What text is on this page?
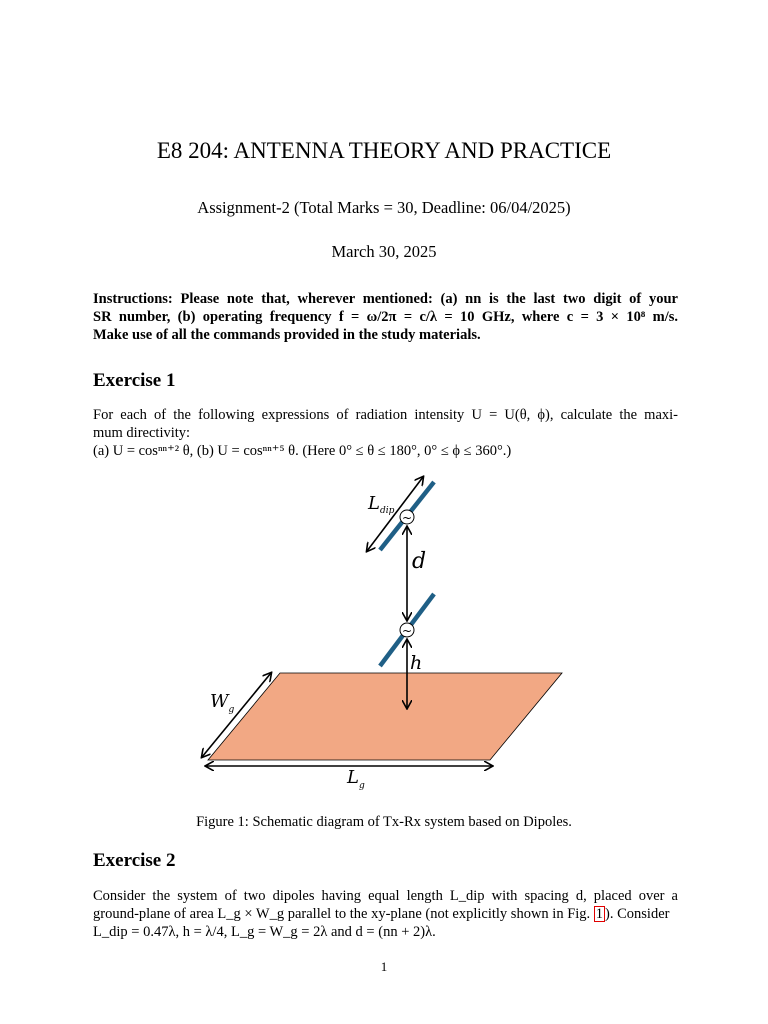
E8 204: ANTENNA THEORY AND PRACTICE
Assignment-2 (Total Marks = 30, Deadline: 06/04/2025)
March 30, 2025
Instructions: Please note that, wherever mentioned: (a) nn is the last two digit of your
SR number, (b) operating frequency f = ω/2π = c/λ = 10 GHz, where c = 3 × 10⁸ m/s.
Make use of all the commands provided in the study materials.
Exercise 1
For each of the following expressions of radiation intensity U = U(θ, ϕ), calculate the maxi-
mum directivity:
(a) U = cosⁿⁿ⁺² θ, (b) U = cosⁿⁿ⁺⁵ θ. (Here 0° ≤ θ ≤ 180°, 0° ≤ ϕ ≤ 360°.)
~
$L_{dip}$
d
~
h
$W_g$
$L_g$
Figure 1: Schematic diagram of Tx-Rx system based on Dipoles.
Exercise 2
Consider the system of two dipoles having equal length L_dip with spacing d, placed over a
ground-plane of area L_g × W_g parallel to the xy-plane (not explicitly shown in Fig. 1 ). Consider
L_dip = 0.47λ, h = λ/4, L_g = W_g = 2λ and d = (nn + 2)λ.
1
